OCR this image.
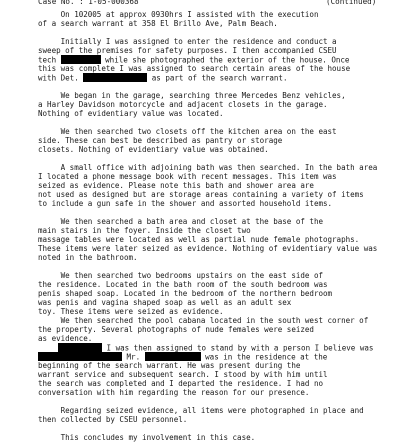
Case No. : 1-05-000368	(Continued)
On 102005 at approx 0930hrs I assisted with the execution
of a search warrant at 358 El Brillo Ave, Palm Beach.
Initially I was assigned to enter the residence and conduct a
sweep of the premises for safety purposes. I then accompanied CSEU
tech	while she photographed the exterior of the house. Once
this was complete I was assigned to search certain areas of the house
with Det.	as part of the search warrant.
We began in the garage, searching three Mercedes Benz vehicles,
a Harley Davidson motorcycle and adjacent closets in the garage.
Nothing of evidentiary value was located.
We then searched two closets off the kitchen area on the east
side. These can best be described as pantry or storage
closets. Nothing of evidentiary value was obtained.
A small office with adjoining bath was then searched. In the bath area
I located a phone message book with recent messages. This item was
seized as evidence. Please note this bath and shower area are
not used as designed but are storage areas containing a variety of items
to include a gun safe in the shower and assorted household items.
We then searched a bath area and closet at the base of the
main stairs in the foyer. Inside the closet two
massage tables were located as well as partial nude female photographs.
These items were later seized as evidence. Nothing of evidentiary value was
noted in the bathroom.
We then searched two bedrooms upstairs on the east side of
the residence. Located in the bath room of the south bedroom was
penis shaped soap. Located in the bedroom of the northern bedroom
was penis and vagina shaped soap as well as an adult sex
toy. These items were seized as evidence.
We then searched the pool cabana located in the south west corner of
the property. Several photographs of nude females were seized
as evidence.
I was then assigned to stand by with a person I believe was
Mr.	was in the residence at the
beginning of the search warrant. He was present during the
warrant service and subsequent search. I stood by with him until
the search was completed and I departed the residence. I had no
conversation with him regarding the reason for our presence.
Regarding seized evidence, all items were photographed in place and
then collected by CSEU personnel.
This concludes my involvement in this case.
